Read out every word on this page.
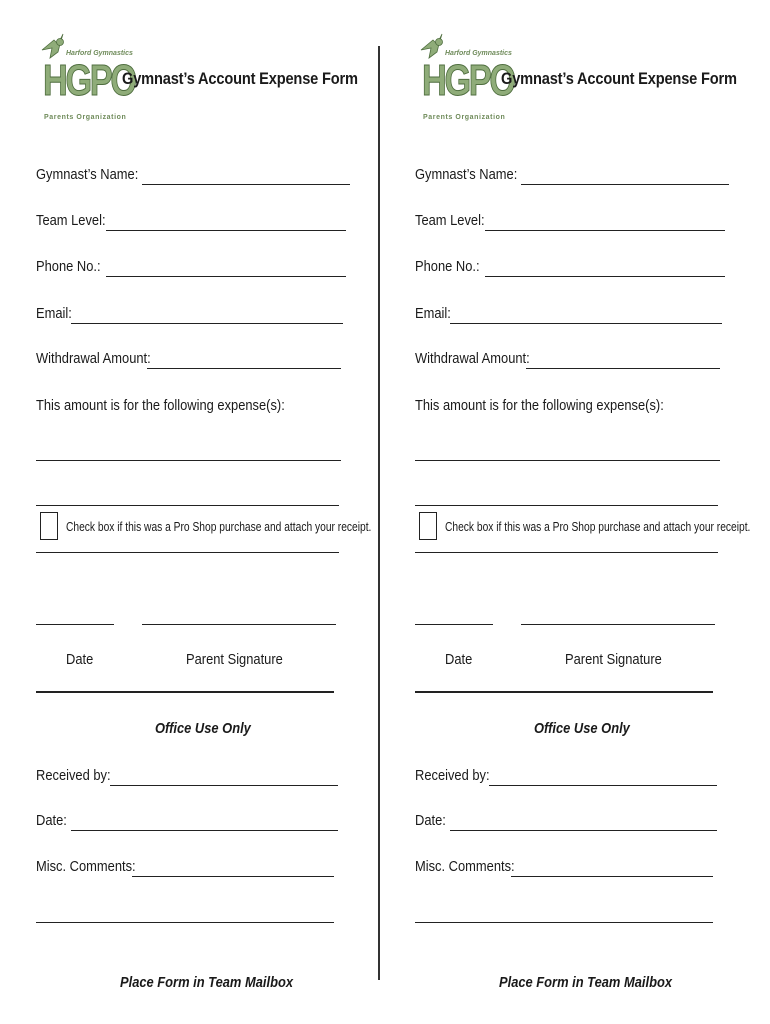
Harford Gymnastics
HGPO
Parents Organization
Gymnast’s Account Expense Form
Gymnast’s Name:
Team Level:
Phone No.:
Email:
Withdrawal Amount:
This amount is for the following expense(s):
Check box if this was a Pro Shop purchase and attach your receipt.
Date	Parent Signature
Office Use Only
Received by:
Date:
Misc. Comments:
Place Form in Team Mailbox
Harford Gymnastics
HGPO
Parents Organization
Gymnast’s Account Expense Form
Gymnast’s Name:
Team Level:
Phone No.:
Email:
Withdrawal Amount:
This amount is for the following expense(s):
Check box if this was a Pro Shop purchase and attach your receipt.
Date	Parent Signature
Office Use Only
Received by:
Date:
Misc. Comments:
Place Form in Team Mailbox
